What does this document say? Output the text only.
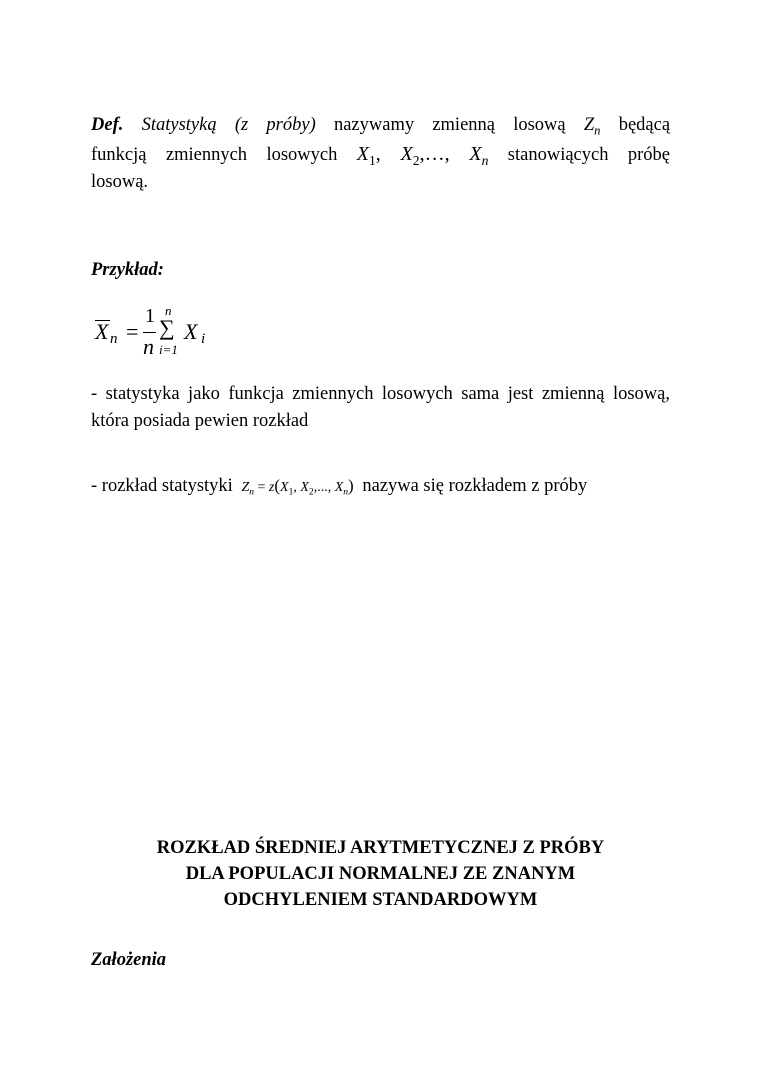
Def. Statystyką (z próby) nazywamy zmienną losową $Z_n$ będącą
funkcją zmiennych losowych $X_1$, $X_2,\dots$, $X_n$ stanowiących próbę
losową.
Przykład:
X n =
1
n
n
∑
i=1
X i
- statystyka jako funkcja zmiennych losowych sama jest zmienną losową, która posiada pewien rozkład
- rozkład statystyki $Z_n = z(X_1$, $X_2$,..., $X_n$) nazywa się rozkładem z próby
ROZKŁAD ŚREDNIEJ ARYTMETYCZNEJ Z PRÓBY
DLA POPULACJI NORMALNEJ ZE ZNANYM
ODCHYLENIEM STANDARDOWYM
Założenia
